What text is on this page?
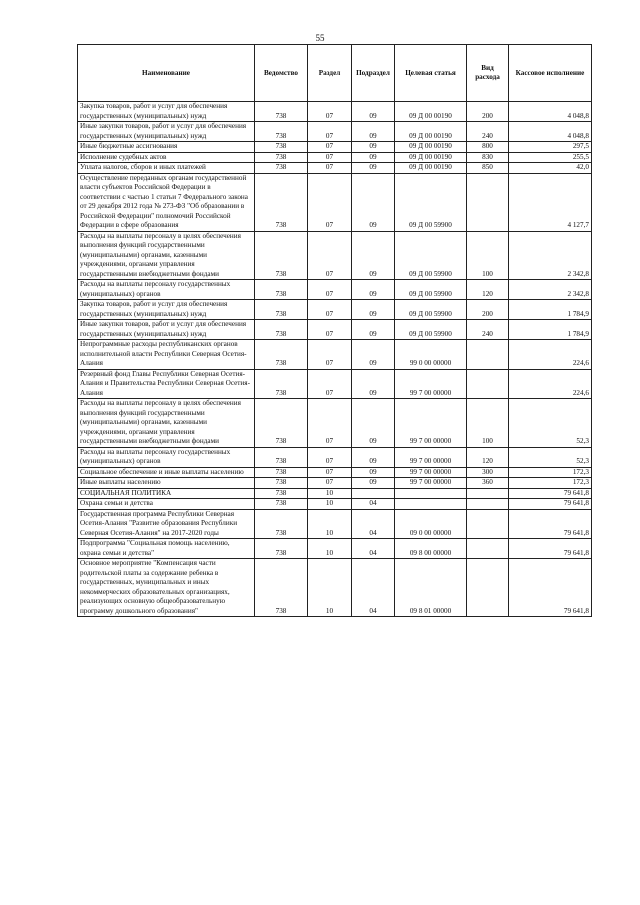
55
Наименование	Ведомство	Раздел	Подраздел	Целевая статья	Вид расхода	Кассовое исполнение
Закупка товаров, работ и услуг для обеспечения государственных (муниципальных) нужд	738	07	09	09 Д 00 00190	200	4 048,8
Иные закупки товаров, работ и услуг для обеспечения государственных (муниципальных) нужд	738	07	09	09 Д 00 00190	240	4 048,8
Иные бюджетные ассигнования	738	07	09	09 Д 00 00190	800	297,5
Исполнение судебных актов	738	07	09	09 Д 00 00190	830	255,5
Уплата налогов, сборов и иных платежей	738	07	09	09 Д 00 00190	850	42,0
Осуществление переданных органам государственной власти субъектов Российской Федерации в соответствии с частью 1 статьи 7 Федерального закона от 29 декабря 2012 года № 273-ФЗ "Об образовании в Российской Федерации" полномочий Российской Федерации в сфере образования	738	07	09	09 Д 00 59900		4 127,7
Расходы на выплаты персоналу в целях обеспечения выполнения функций государственными (муниципальными) органами, казенными учреждениями, органами управления государственными внебюджетными фондами	738	07	09	09 Д 00 59900	100	2 342,8
Расходы на выплаты персоналу государственных (муниципальных) органов	738	07	09	09 Д 00 59900	120	2 342,8
Закупка товаров, работ и услуг для обеспечения государственных (муниципальных) нужд	738	07	09	09 Д 00 59900	200	1 784,9
Иные закупки товаров, работ и услуг для обеспечения государственных (муниципальных) нужд	738	07	09	09 Д 00 59900	240	1 784,9
Непрограммные расходы республиканских органов исполнительной власти Республики Северная Осетия-Алания	738	07	09	99 0 00 00000		224,6
Резервный фонд Главы Республики Северная Осетия-Алания и Правительства Республики Северная Осетия-Алания	738	07	09	99 7 00 00000		224,6
Расходы на выплаты персоналу в целях обеспечения выполнения функций государственными (муниципальными) органами, казенными учреждениями, органами управления государственными внебюджетными фондами	738	07	09	99 7 00 00000	100	52,3
Расходы на выплаты персоналу государственных (муниципальных) органов	738	07	09	99 7 00 00000	120	52,3
Социальное обеспечение и иные выплаты населению	738	07	09	99 7 00 00000	300	172,3
Иные выплаты населению	738	07	09	99 7 00 00000	360	172,3
СОЦИАЛЬНАЯ ПОЛИТИКА	738	10				79 641,8
Охрана семьи и детства	738	10	04			79 641,8
Государственная программа Республики Северная Осетия-Алания "Развитие образования Республики Северная Осетия-Алания" на 2017-2020 годы	738	10	04	09 0 00 00000		79 641,8
Подпрограмма "Социальная помощь населению, охрана семьи и детства"	738	10	04	09 8 00 00000		79 641,8
Основное мероприятие "Компенсация части родительской платы за содержание ребенка в государственных, муниципальных и иных некоммерческих образовательных организациях, реализующих основную общеобразовательную программу дошкольного образования"	738	10	04	09 8 01 00000		79 641,8
